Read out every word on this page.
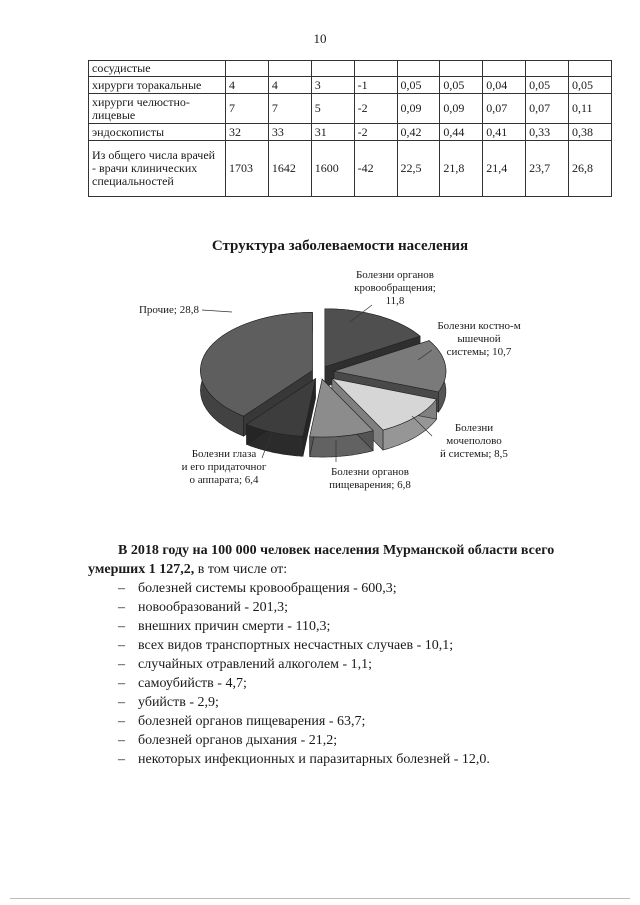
10
сосудистые									
хирурги торакальные	4	4	3	-1	0,05	0,05	0,04	0,05	0,05
хирурги челюстно-лицевые	7	7	5	-2	0,09	0,09	0,07	0,07	0,11
эндоскописты	32	33	31	-2	0,42	0,44	0,41	0,33	0,38
Из общего числа врачей - врачи клинических специальностей	1703	1642	1600	-42	22,5	21,8	21,4	23,7	26,8
Структура заболеваемости населения
Болезни органов кровообращения; 11,8
Болезни костно-м ышечной системы; 10,7
Болезни мочеполово й системы; 8,5
Болезни органов пищеварения; 6,8
Болезни глаза и его придаточног о аппарата; 6,4
Прочие; 28,8

В 2018 году на 100 000 человек населения Мурманской области всего умерших 1 127,2, в том числе от:

– болезней системы кровообращения - 600,3;
– новообразований - 201,3;
– внешних причин смерти - 110,3;
– всех видов транспортных несчастных случаев - 10,1;
– случайных отравлений алкоголем - 1,1;
– самоубийств - 4,7;
– убийств - 2,9;
– болезней органов пищеварения - 63,7;
– болезней органов дыхания - 21,2;
– некоторых инфекционных и паразитарных болезней - 12,0.
